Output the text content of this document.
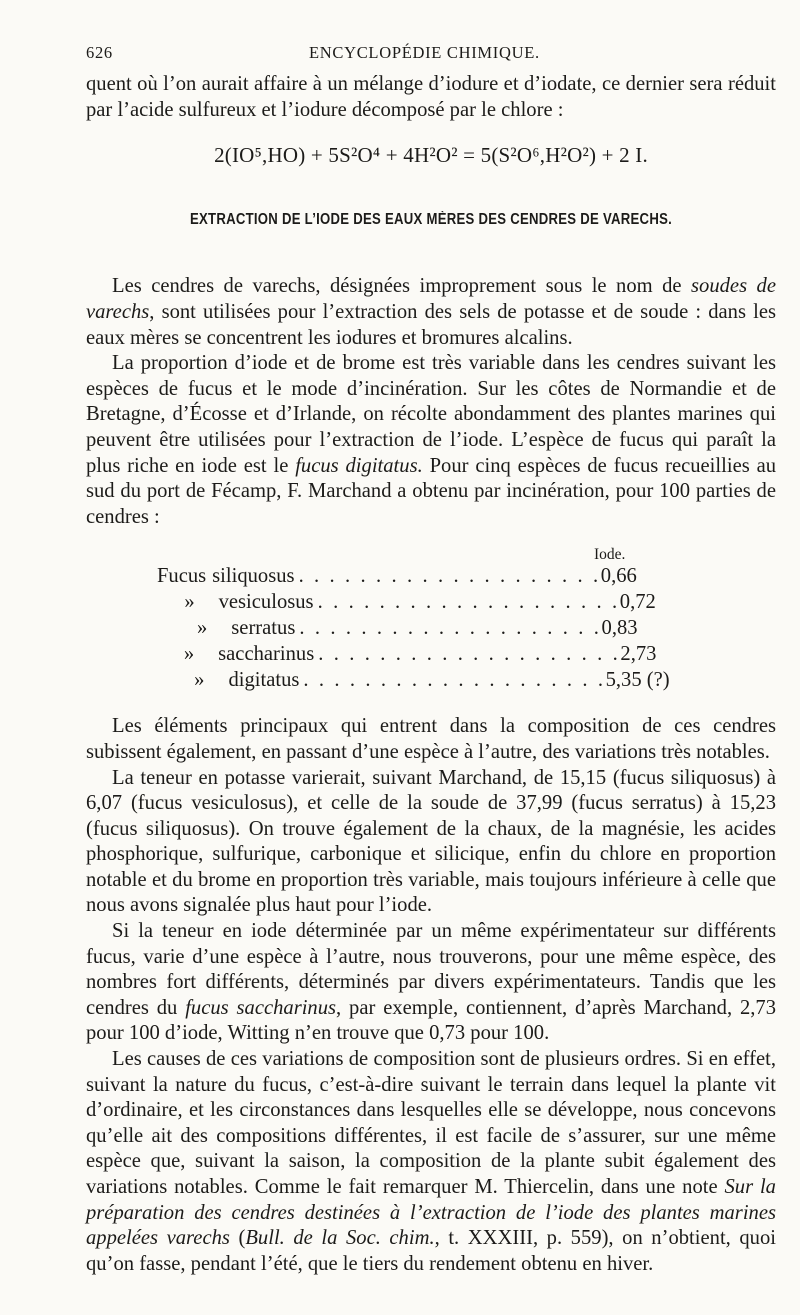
626	ENCYCLOPÉDIE CHIMIQUE.

quent où l’on aurait affaire à un mélange d’iodure et d’iodate, ce dernier sera réduit par l’acide sulfureux et l’iodure décomposé par le chlore :

2(IO⁵,HO) + 5S²O⁴ + 4H²O² = 5(S²O⁶,H²O²) + 2 I.
EXTRACTION DE L’IODE DES EAUX MÈRES DES CENDRES DE VARECHS.

Les cendres de varechs, désignées improprement sous le nom de soudes de varechs, sont utilisées pour l’extraction des sels de potasse et de soude : dans les eaux mères se concentrent les iodures et bromures alcalins.

La proportion d’iode et de brome est très variable dans les cendres suivant les espèces de fucus et le mode d’incinération. Sur les côtes de Normandie et de Bretagne, d’Écosse et d’Irlande, on récolte abondamment des plantes marines qui peuvent être utilisées pour l’extraction de l’iode. L’espèce de fucus qui paraît la plus riche en iode est le fucus digitatus. Pour cinq espèces de fucus recueillies au sud du port de Fécamp, F. Marchand a obtenu par incinération, pour 100 parties de cendres :

Iode.
Fucus siliquosus . . . . . . . . . . . . . . . . . . . . 0,66
»	vesiculosus . . . . . . . . . . . . . . . . . . . . 0,72
»	serratus . . . . . . . . . . . . . . . . . . . . 0,83
»	saccharinus . . . . . . . . . . . . . . . . . . . . 2,73
»	digitatus . . . . . . . . . . . . . . . . . . . . 5,35 (?)

Les éléments principaux qui entrent dans la composition de ces cendres subissent également, en passant d’une espèce à l’autre, des variations très notables.

La teneur en potasse varierait, suivant Marchand, de 15,15 (fucus siliquosus) à 6,07 (fucus vesiculosus), et celle de la soude de 37,99 (fucus serratus) à 15,23 (fucus siliquosus). On trouve également de la chaux, de la magnésie, les acides phosphorique, sulfurique, carbonique et silicique, enfin du chlore en proportion notable et du brome en proportion très variable, mais toujours inférieure à celle que nous avons signalée plus haut pour l’iode.

Si la teneur en iode déterminée par un même expérimentateur sur différents fucus, varie d’une espèce à l’autre, nous trouverons, pour une même espèce, des nombres fort différents, déterminés par divers expérimentateurs. Tandis que les cendres du fucus saccharinus, par exemple, contiennent, d’après Marchand, 2,73 pour 100 d’iode, Witting n’en trouve que 0,73 pour 100.

Les causes de ces variations de composition sont de plusieurs ordres. Si en effet, suivant la nature du fucus, c’est-à-dire suivant le terrain dans lequel la plante vit d’ordinaire, et les circonstances dans lesquelles elle se développe, nous concevons qu’elle ait des compositions différentes, il est facile de s’assurer, sur une même espèce que, suivant la saison, la composition de la plante subit également des variations notables. Comme le fait remarquer M. Thiercelin, dans une note Sur la préparation des cendres destinées à l’extraction de l’iode des plantes marines appelées varechs (Bull. de la Soc. chim., t. XXXIII, p. 559), on n’obtient, quoi qu’on fasse, pendant l’été, que le tiers du rendement obtenu en hiver.
